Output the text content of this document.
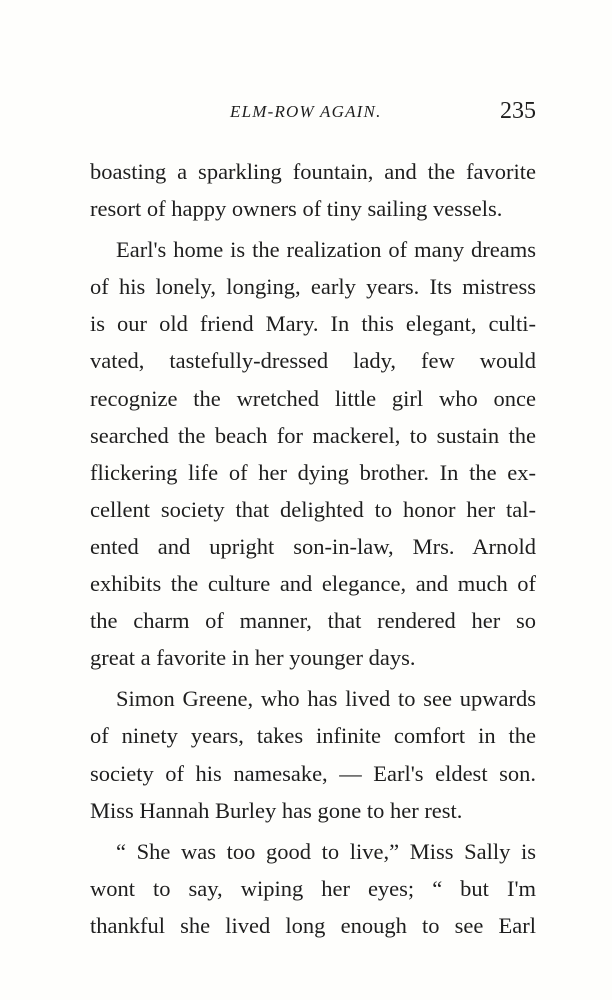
ELM-ROW AGAIN.	235
boasting a sparkling fountain, and the favorite
resort of happy owners of tiny sailing vessels.
Earl's home is the realization of many dreams
of his lonely, longing, early years. Its mistress
is our old friend Mary. In this elegant, culti-
vated, tastefully-dressed lady, few would
recognize the wretched little girl who once
searched the beach for mackerel, to sustain the
flickering life of her dying brother. In the ex-
cellent society that delighted to honor her tal-
ented and upright son-in-law, Mrs. Arnold
exhibits the culture and elegance, and much of
the charm of manner, that rendered her so
great a favorite in her younger days.
Simon Greene, who has lived to see upwards
of ninety years, takes infinite comfort in the
society of his namesake, — Earl's eldest son.
Miss Hannah Burley has gone to her rest.
“ She was too good to live,” Miss Sally is
wont to say, wiping her eyes; “ but I'm
thankful she lived long enough to see Earl
